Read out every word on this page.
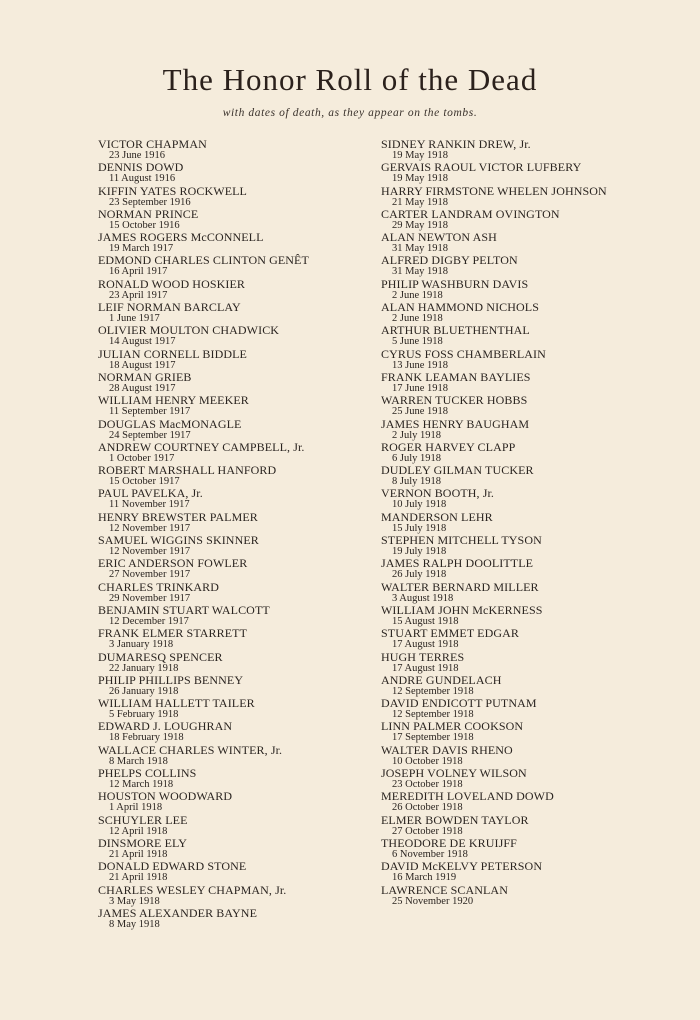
The Honor Roll of the Dead

with dates of death, as they appear on the tombs.

VICTOR CHAPMAN
23 June 1916
DENNIS DOWD
11 August 1916
KIFFIN YATES ROCKWELL
23 September 1916
NORMAN PRINCE
15 October 1916
JAMES ROGERS McCONNELL
19 March 1917
EDMOND CHARLES CLINTON GENÊT
16 April 1917
RONALD WOOD HOSKIER
23 April 1917
LEIF NORMAN BARCLAY
1 June 1917
OLIVIER MOULTON CHADWICK
14 August 1917
JULIAN CORNELL BIDDLE
18 August 1917
NORMAN GRIEB
28 August 1917
WILLIAM HENRY MEEKER
11 September 1917
DOUGLAS MacMONAGLE
24 September 1917
ANDREW COURTNEY CAMPBELL, Jr.
1 October 1917
ROBERT MARSHALL HANFORD
15 October 1917
PAUL PAVELKA, Jr.
11 November 1917
HENRY BREWSTER PALMER
12 November 1917
SAMUEL WIGGINS SKINNER
12 November 1917
ERIC ANDERSON FOWLER
27 November 1917
CHARLES TRINKARD
29 November 1917
BENJAMIN STUART WALCOTT
12 December 1917
FRANK ELMER STARRETT
3 January 1918
DUMARESQ SPENCER
22 January 1918
PHILIP PHILLIPS BENNEY
26 January 1918
WILLIAM HALLETT TAILER
5 February 1918
EDWARD J. LOUGHRAN
18 February 1918
WALLACE CHARLES WINTER, Jr.
8 March 1918
PHELPS COLLINS
12 March 1918
HOUSTON WOODWARD
1 April 1918
SCHUYLER LEE
12 April 1918
DINSMORE ELY
21 April 1918
DONALD EDWARD STONE
21 April 1918
CHARLES WESLEY CHAPMAN, Jr.
3 May 1918
JAMES ALEXANDER BAYNE
8 May 1918
SIDNEY RANKIN DREW, Jr.
19 May 1918
GERVAIS RAOUL VICTOR LUFBERY
19 May 1918
HARRY FIRMSTONE WHELEN JOHNSON
21 May 1918
CARTER LANDRAM OVINGTON
29 May 1918
ALAN NEWTON ASH
31 May 1918
ALFRED DIGBY PELTON
31 May 1918
PHILIP WASHBURN DAVIS
2 June 1918
ALAN HAMMOND NICHOLS
2 June 1918
ARTHUR BLUETHENTHAL
5 June 1918
CYRUS FOSS CHAMBERLAIN
13 June 1918
FRANK LEAMAN BAYLIES
17 June 1918
WARREN TUCKER HOBBS
25 June 1918
JAMES HENRY BAUGHAM
2 July 1918
ROGER HARVEY CLAPP
6 July 1918
DUDLEY GILMAN TUCKER
8 July 1918
VERNON BOOTH, Jr.
10 July 1918
MANDERSON LEHR
15 July 1918
STEPHEN MITCHELL TYSON
19 July 1918
JAMES RALPH DOOLITTLE
26 July 1918
WALTER BERNARD MILLER
3 August 1918
WILLIAM JOHN McKERNESS
15 August 1918
STUART EMMET EDGAR
17 August 1918
HUGH TERRES
17 August 1918
ANDRE GUNDELACH
12 September 1918
DAVID ENDICOTT PUTNAM
12 September 1918
LINN PALMER COOKSON
17 September 1918
WALTER DAVIS RHENO
10 October 1918
JOSEPH VOLNEY WILSON
23 October 1918
MEREDITH LOVELAND DOWD
26 October 1918
ELMER BOWDEN TAYLOR
27 October 1918
THEODORE DE KRUIJFF
6 November 1918
DAVID McKELVY PETERSON
16 March 1919
LAWRENCE SCANLAN
25 November 1920
